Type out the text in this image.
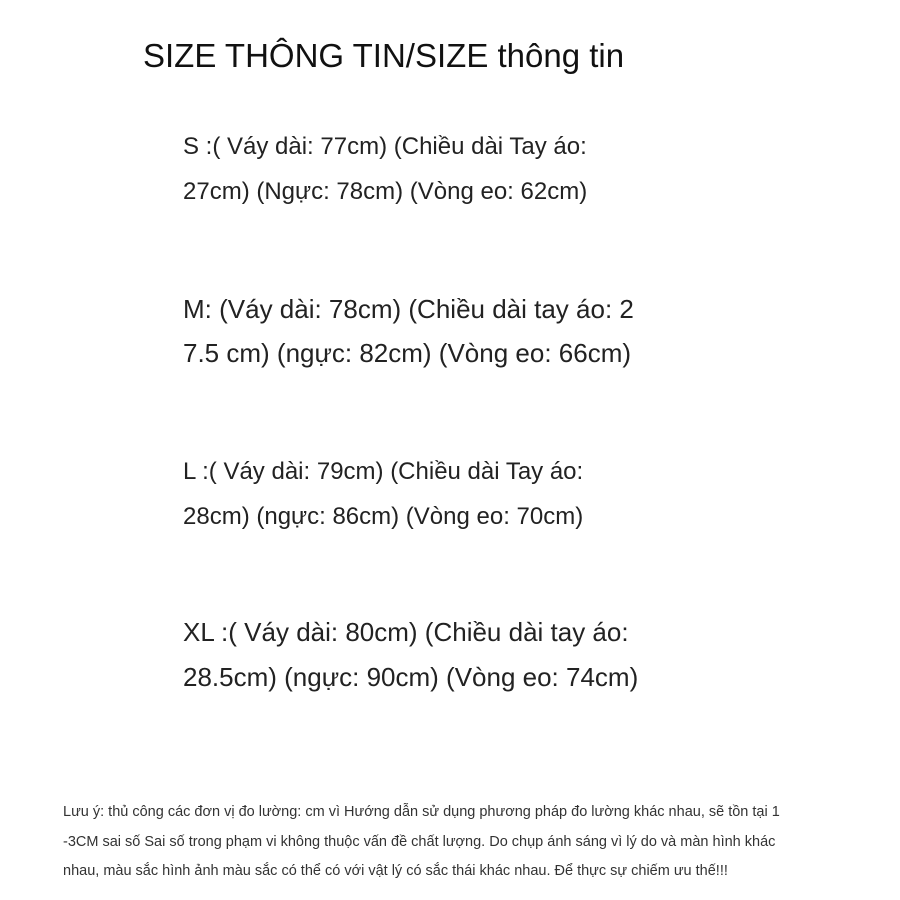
SIZE THÔNG TIN/SIZE thông tin
S :( Váy dài: 77cm) (Chiều dài Tay áo:
27cm) (Ngực: 78cm) (Vòng eo: 62cm)
M: (Váy dài: 78cm) (Chiều dài tay áo: 2
7.5 cm) (ngực: 82cm) (Vòng eo: 66cm)
L :( Váy dài: 79cm) (Chiều dài Tay áo:
28cm) (ngực: 86cm) (Vòng eo: 70cm)
XL :( Váy dài: 80cm) (Chiều dài tay áo:
28.5cm) (ngực: 90cm) (Vòng eo: 74cm)
Lưu ý: thủ công các đơn vị đo lường: cm vì Hướng dẫn sử dụng phương pháp đo lường khác nhau, sẽ tồn tại 1
-3CM sai số Sai số trong phạm vi không thuộc vấn đề chất lượng. Do chụp ánh sáng vì lý do và màn hình khác
nhau, màu sắc hình ảnh màu sắc có thể có với vật lý có sắc thái khác nhau. Để thực sự chiếm ưu thế!!!
